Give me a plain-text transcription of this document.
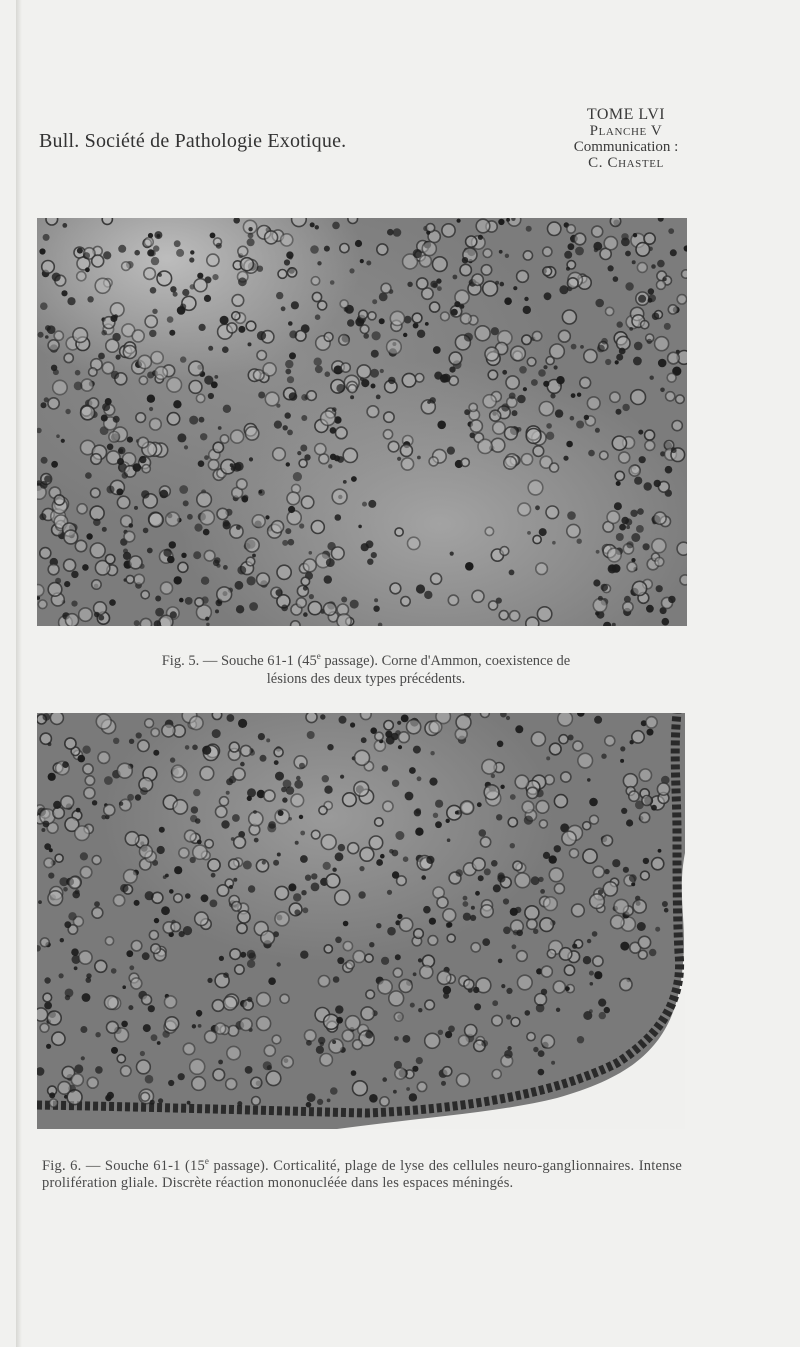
Bull. Société de Pathologie Exotique.
TOME LVI
Planche V
Communication :
C. Chastel
Fig. 5. — Souche 61-1 (45e passage). Corne d'Ammon, coexistence de lésions des deux types précédents.
Fig. 6. — Souche 61-1 (15e passage). Corticalité, plage de lyse des cellules neuro-ganglionnaires. Intense prolifération gliale. Discrète réaction mononucléée dans les espaces méningés.
